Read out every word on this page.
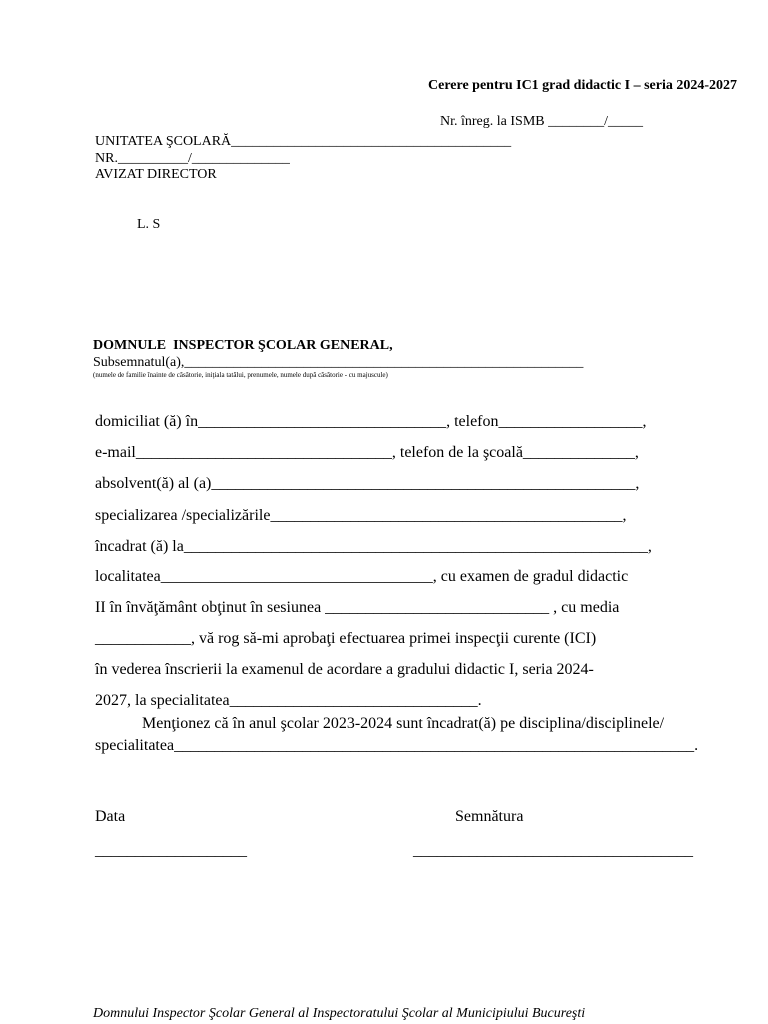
Cerere pentru IC1 grad didactic I – seria 2024-2027
Nr. înreg. la ISMB ________/_____
UNITATEA ŞCOLARĂ________________________________________
NR.__________/______________
AVIZAT DIRECTOR
L. S
DOMNULE  INSPECTOR ŞCOLAR GENERAL,
Subsemnatul(a),_________________________________________________________
(numele de familie înainte de căsătorie, iniţiala tatălui, prenumele, numele după căsătorie - cu majuscule)
domiciliat (ă) în_______________________________, telefon__________________,
e-mail________________________________, telefon de la şcoală______________,
absolvent(ă) al (a)_____________________________________________________,
specializarea /specializările____________________________________________,
încadrat (ă) la__________________________________________________________,
localitatea__________________________________, cu examen de gradul didactic
II în învăţământ obţinut în sesiunea ____________________________ , cu media
____________, vă rog să-mi aprobaţi efectuarea primei inspecţii curente (ICI)
în vederea înscrierii la examenul de acordare a gradului didactic I, seria 2024-
2027, la specialitatea_______________________________.
Menţionez că în anul şcolar 2023-2024 sunt încadrat(ă) pe disciplina/disciplinele/
specialitatea_________________________________________________________________.
Data	Semnătura
___________________	___________________________________
Domnului Inspector Şcolar General al Inspectoratului Şcolar al Municipiului Bucureşti
